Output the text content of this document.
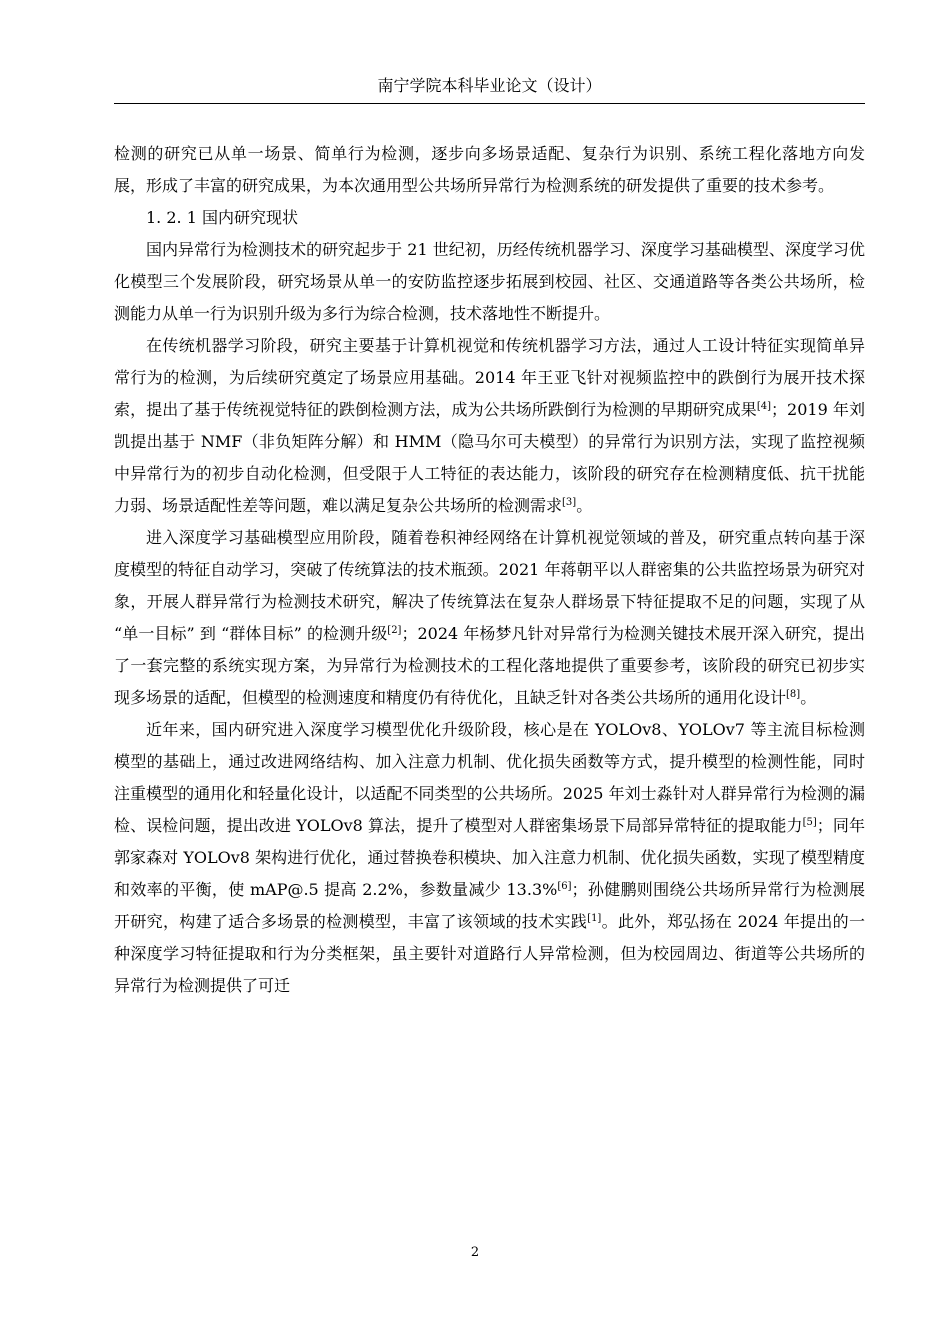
南宁学院本科毕业论文（设计）

检测的研究已从单一场景、简单行为检测，逐步向多场景适配、复杂行为识别、系统工程化落地方向发展，形成了丰富的研究成果，为本次通用型公共场所异常行为检测系统的研发提供了重要的技术参考。

1. 2. 1 国内研究现状

国内异常行为检测技术的研究起步于 21 世纪初，历经传统机器学习、深度学习基础模型、深度学习优化模型三个发展阶段，研究场景从单一的安防监控逐步拓展到校园、社区、交通道路等各类公共场所，检测能力从单一行为识别升级为多行为综合检测，技术落地性不断提升。

在传统机器学习阶段，研究主要基于计算机视觉和传统机器学习方法，通过人工设计特征实现简单异常行为的检测，为后续研究奠定了场景应用基础。2014 年王亚飞针对视频监控中的跌倒行为展开技术探索，提出了基于传统视觉特征的跌倒检测方法，成为公共场所跌倒行为检测的早期研究成果[4]；2019 年刘凯提出基于 NMF（非负矩阵分解）和 HMM（隐马尔可夫模型）的异常行为识别方法，实现了监控视频中异常行为的初步自动化检测，但受限于人工特征的表达能力，该阶段的研究存在检测精度低、抗干扰能力弱、场景适配性差等问题，难以满足复杂公共场所的检测需求[3]。

进入深度学习基础模型应用阶段，随着卷积神经网络在计算机视觉领域的普及，研究重点转向基于深度模型的特征自动学习，突破了传统算法的技术瓶颈。2021 年蒋朝平以人群密集的公共监控场景为研究对象，开展人群异常行为检测技术研究，解决了传统算法在复杂人群场景下特征提取不足的问题，实现了从 “单一目标” 到 “群体目标” 的检测升级[2]；2024 年杨梦凡针对异常行为检测关键技术展开深入研究，提出了一套完整的系统实现方案，为异常行为检测技术的工程化落地提供了重要参考，该阶段的研究已初步实现多场景的适配，但模型的检测速度和精度仍有待优化，且缺乏针对各类公共场所的通用化设计[8]。

近年来，国内研究进入深度学习模型优化升级阶段，核心是在 YOLOv8、YOLOv7 等主流目标检测模型的基础上，通过改进网络结构、加入注意力机制、优化损失函数等方式，提升模型的检测性能，同时注重模型的通用化和轻量化设计，以适配不同类型的公共场所。2025 年刘士淼针对人群异常行为检测的漏检、误检问题，提出改进 YOLOv8 算法，提升了模型对人群密集场景下局部异常特征的提取能力[5]；同年郭家森对 YOLOv8 架构进行优化，通过替换卷积模块、加入注意力机制、优化损失函数，实现了模型精度和效率的平衡，使 mAP@.5 提高 2.2%，参数量减少 13.3%[6]；孙健鹏则围绕公共场所异常行为检测展开研究，构建了适合多场景的检测模型，丰富了该领域的技术实践[1]。此外，郑弘扬在 2024 年提出的一种深度学习特征提取和行为分类框架，虽主要针对道路行人异常检测，但为校园周边、街道等公共场所的异常行为检测提供了可迁

2
